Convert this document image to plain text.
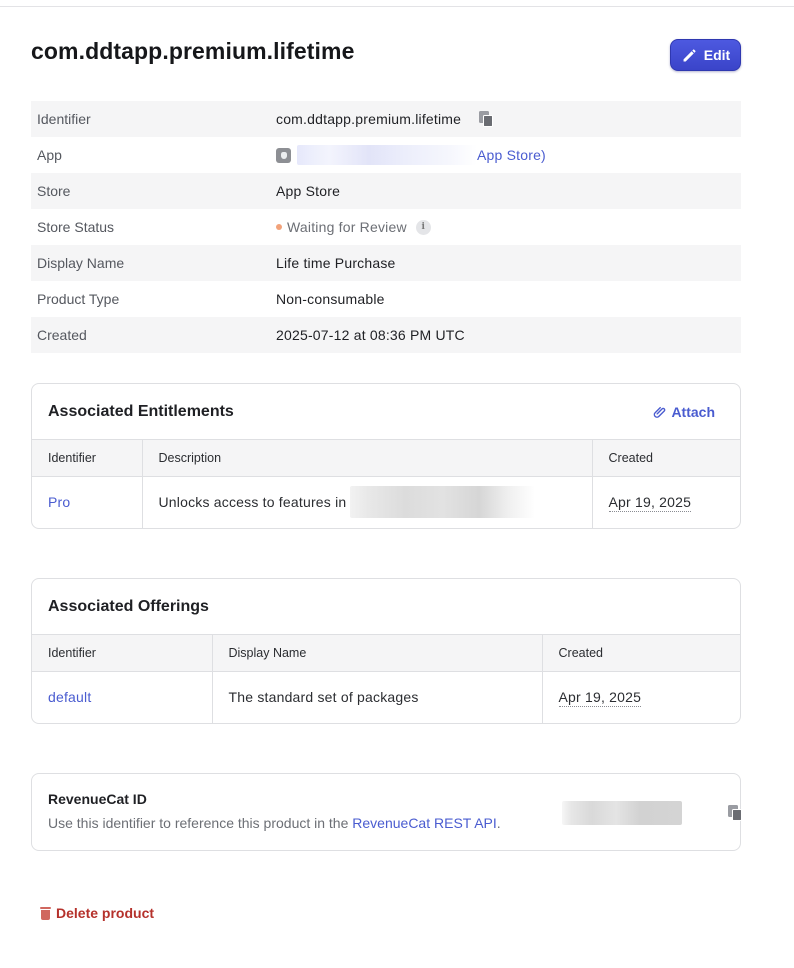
com.ddtapp.premium.lifetime	Edit
Identifier	com.ddtapp.premium.lifetime
App	App Store)
Store	App Store
Store Status	Waiting for Review	i
Display Name	Life time Purchase
Product Type	Non-consumable
Created	2025-07-12 at 08:36 PM UTC
Associated Entitlements	Attach
Identifier	Description	Created
Pro	Unlocks access to features in	Apr 19, 2025
Associated Offerings
Identifier	Display Name	Created
default	The standard set of packages	Apr 19, 2025
RevenueCat ID
Use this identifier to reference this product in the RevenueCat REST API.
Delete product
